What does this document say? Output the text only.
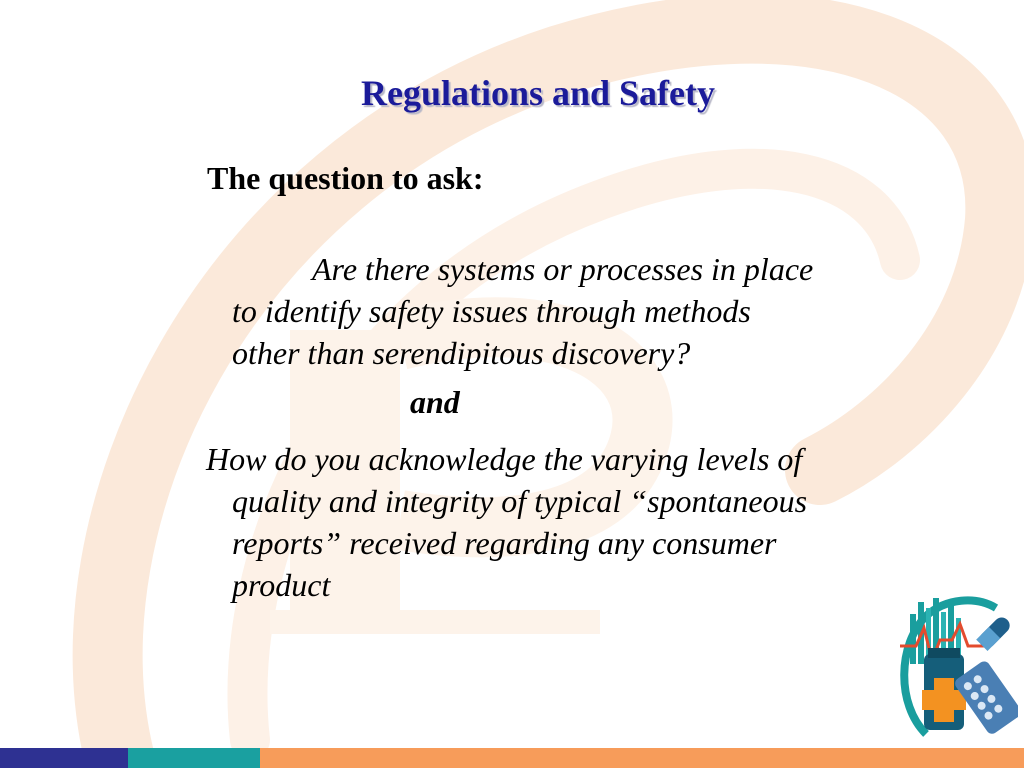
Regulations and Safety
The question to ask:
Are there systems or processes in place
to identify safety issues through methods
other than serendipitous discovery?
and
How do you acknowledge the varying levels of
quality and integrity of typical “spontaneous
reports” received regarding any consumer
product
